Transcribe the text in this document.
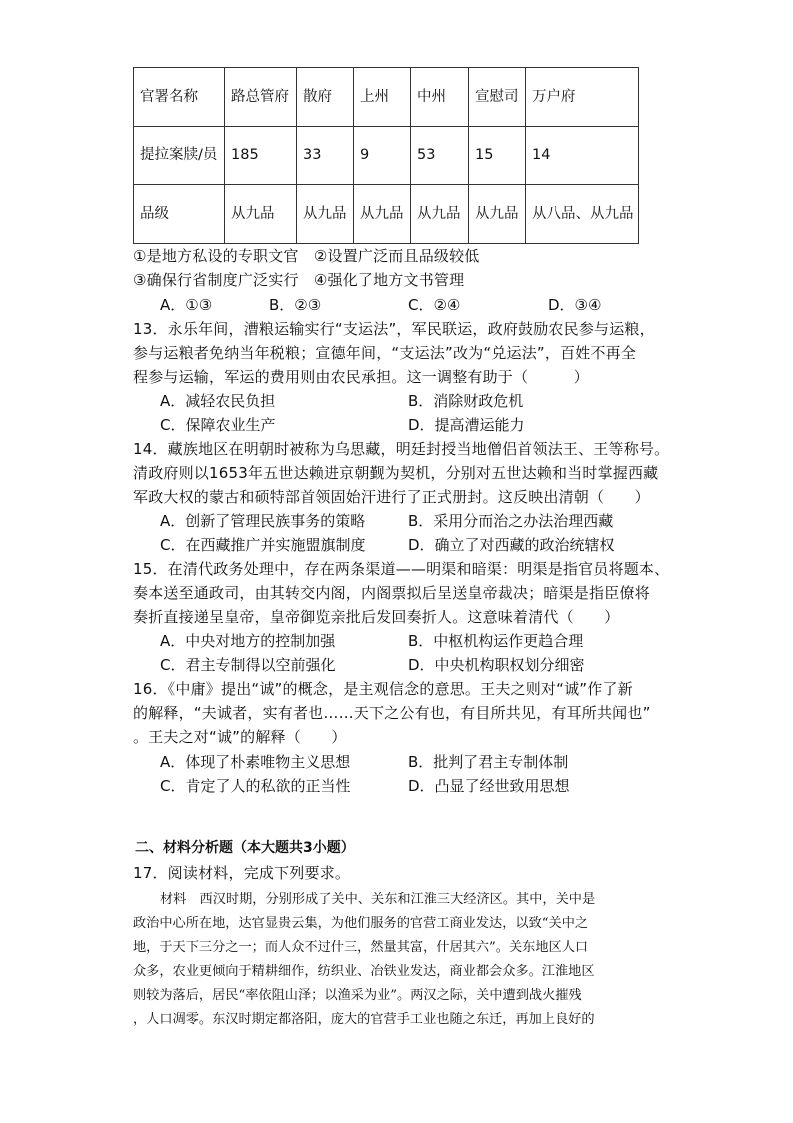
官署名称	路总管府	散府	上州	中州	宣慰司	万户府
提拉案牍/员	185	33	9	53	15	14
品级	从九品	从九品	从九品	从九品	从九品	从八品、从九品
①是地方私设的专职文官　②设置广泛而且品级较低
③确保行省制度广泛实行　④强化了地方文书管理
A．①③	B．②③	C．②④	D．③④
13．永乐年间，漕粮运输实行“支运法”，军民联运，政府鼓励农民参与运粮，
参与运粮者免纳当年税粮；宣德年间，“支运法”改为“兑运法”，百姓不再全
程参与运输，军运的费用则由农民承担。这一调整有助于（　　　）
A．减轻农民负担	B．消除财政危机
C．保障农业生产	D．提高漕运能力
14．藏族地区在明朝时被称为乌思藏，明廷封授当地僧侣首领法王、王等称号。
清政府则以1653年五世达赖进京朝觐为契机，分别对五世达赖和当时掌握西藏
军政大权的蒙古和硕特部首领固始汗进行了正式册封。这反映出清朝（　　）
A．创新了管理民族事务的策略	B．采用分而治之办法治理西藏
C．在西藏推广并实施盟旗制度	D．确立了对西藏的政治统辖权
15．在清代政务处理中，存在两条渠道——明渠和暗渠：明渠是指官员将题本、
奏本送至通政司，由其转交内阁，内阁票拟后呈送皇帝裁决；暗渠是指臣僚将
奏折直接递呈皇帝，皇帝御览亲批后发回奏折人。这意味着清代（　　）
A．中央对地方的控制加强	B．中枢机构运作更趋合理
C．君主专制得以空前强化	D．中央机构职权划分细密
16．《中庸》提出“诚”的概念，是主观信念的意思。王夫之则对“诚”作了新
的解释，“夫诚者，实有者也……天下之公有也，有目所共见，有耳所共闻也”
。王夫之对“诚”的解释（　　）
A．体现了朴素唯物主义思想	B．批判了君主专制体制
C．肯定了人的私欲的正当性	D．凸显了经世致用思想
二、材料分析题（本大题共3小题）
17．阅读材料，完成下列要求。
材料　西汉时期，分别形成了关中、关东和江淮三大经济区。其中，关中是
政治中心所在地，达官显贵云集，为他们服务的官营工商业发达，以致“关中之
地，于天下三分之一；而人众不过什三，然量其富，什居其六”。关东地区人口
众多，农业更倾向于精耕细作，纺织业、冶铁业发达，商业都会众多。江淮地区
则较为落后，居民“率依阻山泽；以渔采为业”。两汉之际，关中遭到战火摧残
，人口凋零。东汉时期定都洛阳，庞大的官营手工业也随之东迁，再加上良好的
